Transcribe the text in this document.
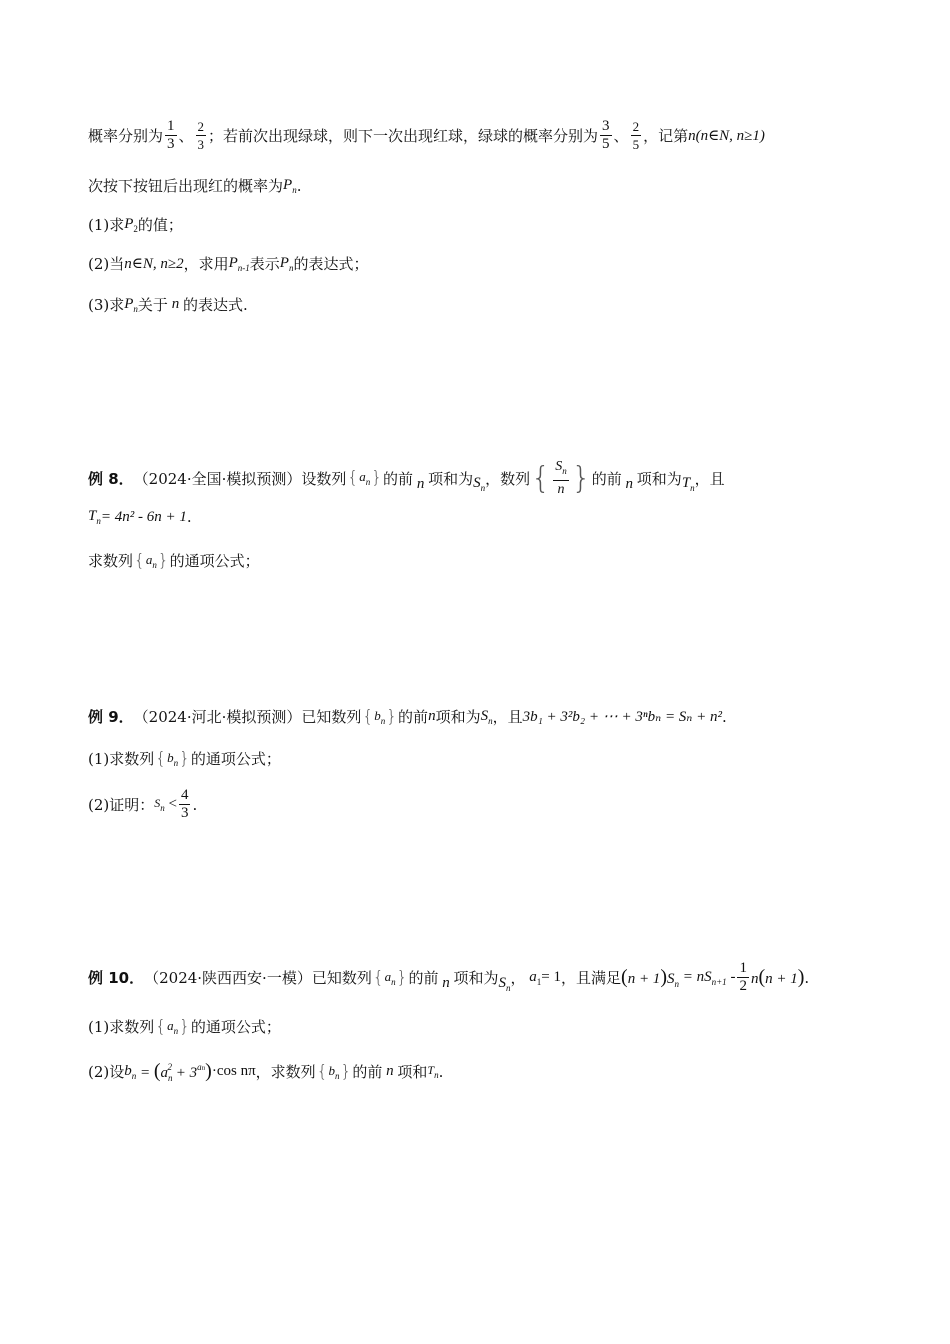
概率分别为 $\frac{1}{3}$ 、 $\frac{2}{3}$ ；若前次出现绿球，则下一次出现红球，绿球的概率分别为 $\frac{3}{5}$ 、 $\frac{2}{5}$ ，记第 n(n∈N, n≥1)
次按下按钮后出现红的概率为 $P_n$ .
(1)求 $P_2$ 的值；
(2)当 n∈N, n≥2 ，求用 $P_{n-1}$ 表示 $P_n$ 的表达式；
(3)求 $P_n$ 关于 n 的表达式.
例 8． （2024·全国·模拟预测）设数列 { $a_n$ } 的前 n 项和为 $S_n$
，数列 { $\frac{S_n}{n}$ } 的前 n 项和为 $T_n$
，且
$T_n = 4n^2 - 6n + 1$ .
求数列 { $a_n$ } 的通项公式；
例 9． （2024·河北·模拟预测）已知数列 { $b_n$ } 的前 n 项和为 $S_n$ ，且 3b₁ + 3²b₂ + ⋯ + 3ⁿbₙ = Sₙ + n² .
(1)求数列 { $b_n$ } 的通项公式；
(2)证明： $S_n < \frac{4}{3}$ .
例 10． （2024·陕西西安·一模）已知数列 { $a_n$ } 的前 n 项和为 $S_n$
， $a_1 = 1$ ，且满足 $(n + 1)S_n = nS_{n+1} - \frac{1}{2} n(n + 1)$ .
(1)求数列 { $a_n$ } 的通项公式；
(2)设 $b_n = (a_n^2 + 3^{an}) \cdot\cos$ nπ ，求数列 { $b_n$ } 的前 n 项和 $T_n$ .
